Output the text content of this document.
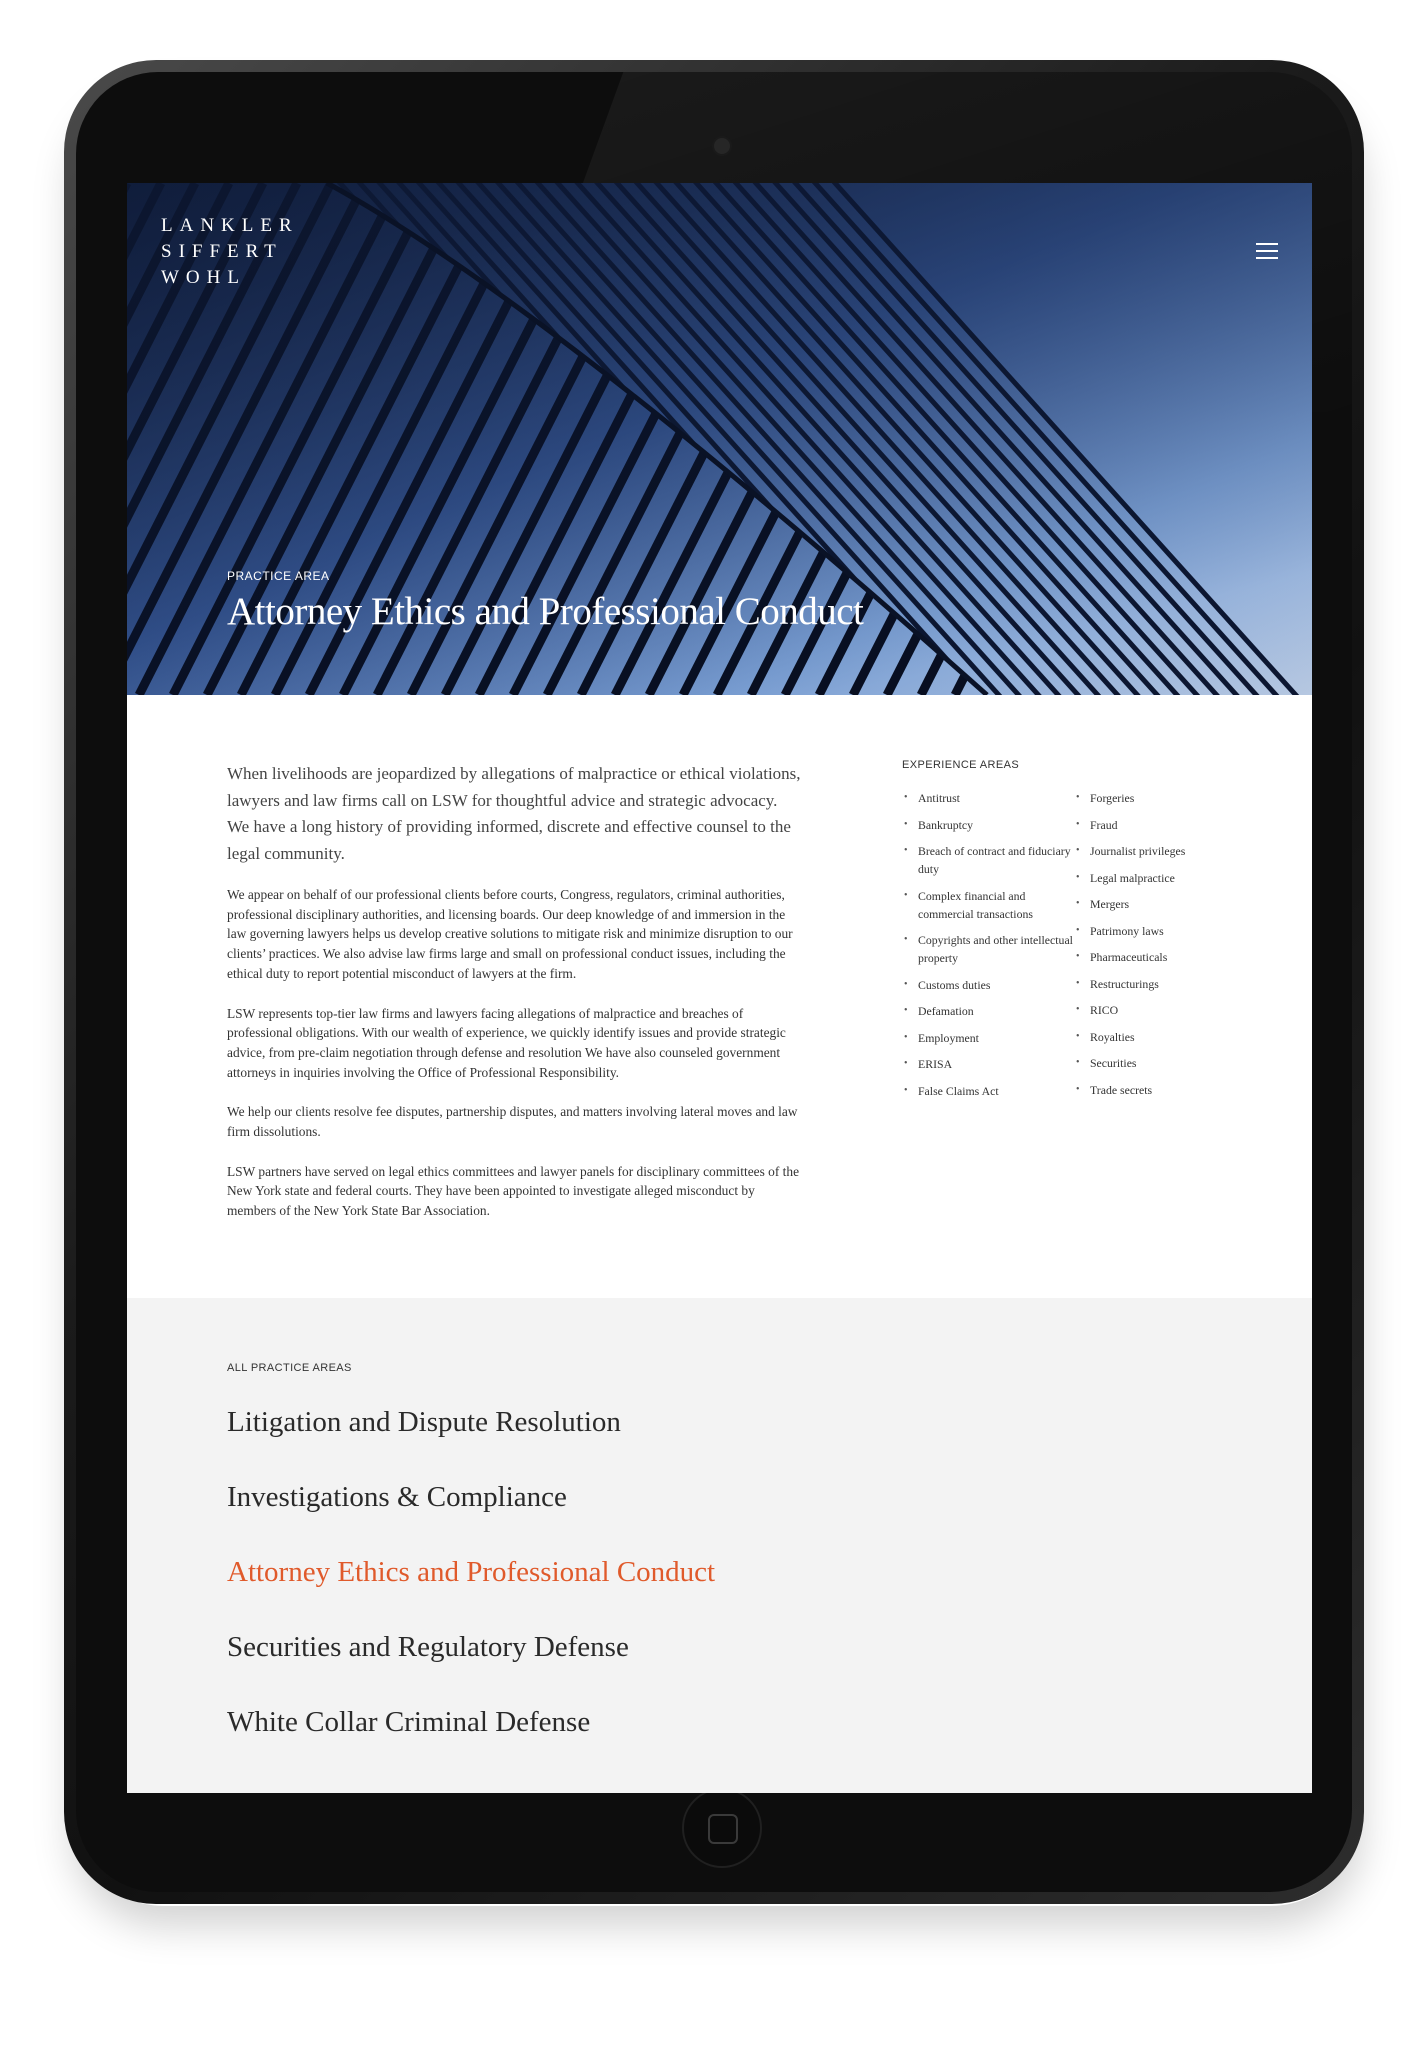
LANKLER
SIFFERT
WOHL
PRACTICE AREA
Attorney Ethics and Professional Conduct

When livelihoods are jeopardized by allegations of malpractice or ethical violations, lawyers and law firms call on LSW for thoughtful advice and strategic advocacy. We have a long history of providing informed, discrete and effective counsel to the legal community.

We appear on behalf of our professional clients before courts, Congress, regulators, criminal authorities, professional disciplinary authorities, and licensing boards. Our deep knowledge of and immersion in the law governing lawyers helps us develop creative solutions to mitigate risk and minimize disruption to our clients’ practices. We also advise law firms large and small on professional conduct issues, including the ethical duty to report potential misconduct of lawyers at the firm.

LSW represents top-tier law firms and lawyers facing allegations of malpractice and breaches of professional obligations. With our wealth of experience, we quickly identify issues and provide strategic advice, from pre-claim negotiation through defense and resolution We have also counseled government attorneys in inquiries involving the Office of Professional Responsibility.

We help our clients resolve fee disputes, partnership disputes, and matters involving lateral moves and law firm dissolutions.

LSW partners have served on legal ethics committees and lawyer panels for disciplinary committees of the New York state and federal courts. They have been appointed to investigate alleged misconduct by members of the New York State Bar Association.

EXPERIENCE AREAS
• Antitrust
• Bankruptcy
• Breach of contract and fiduciary duty
• Complex financial and commercial transactions
• Copyrights and other intellectual property
• Customs duties
• Defamation
• Employment
• ERISA
• False Claims Act
• Forgeries
• Fraud
• Journalist privileges
• Legal malpractice
• Mergers
• Patrimony laws
• Pharmaceuticals
• Restructurings
• RICO
• Royalties
• Securities
• Trade secrets
ALL PRACTICE AREAS
Litigation and Dispute Resolution
Investigations & Compliance
Attorney Ethics and Professional Conduct
Securities and Regulatory Defense
White Collar Criminal Defense
